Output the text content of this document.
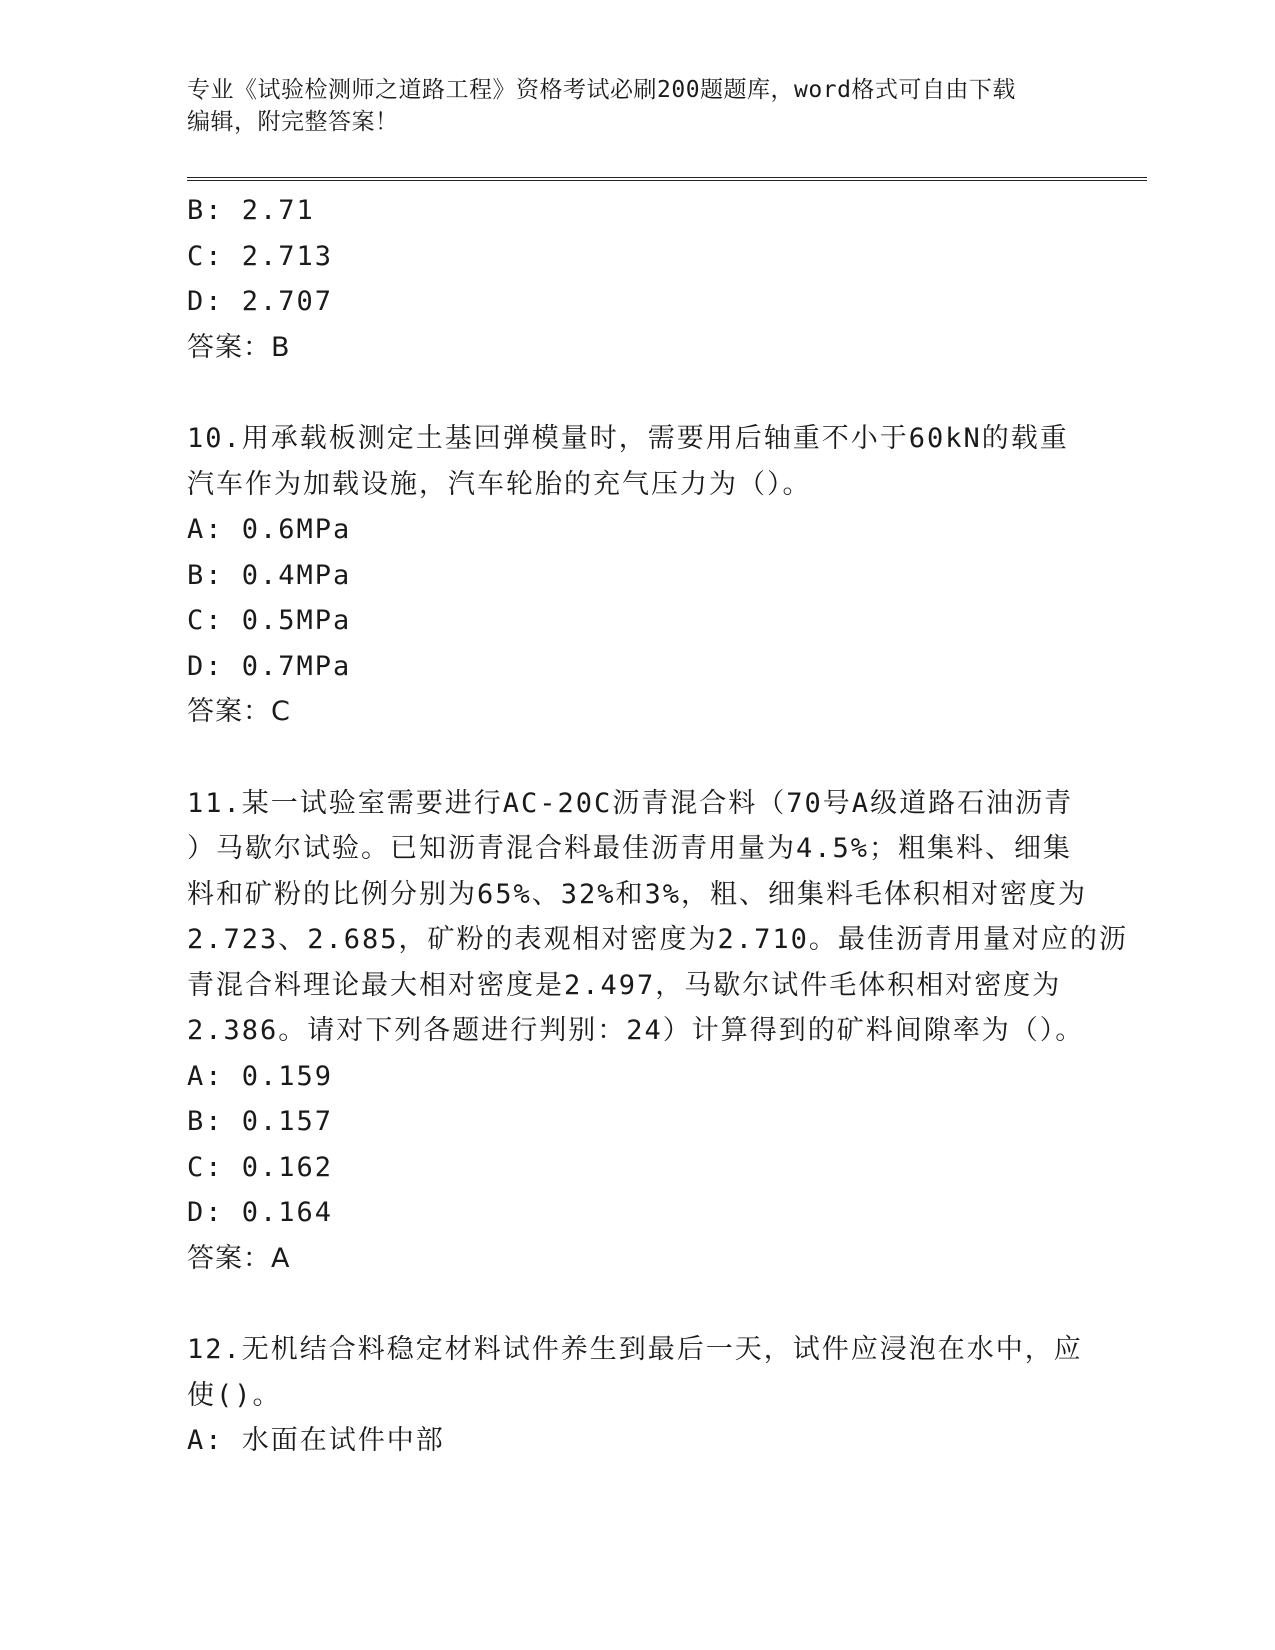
专业《试验检测师之道路工程》资格考试必刷200题题库，word格式可自由下载
编辑，附完整答案！
B: 2.71
C: 2.713
D: 2.707
答案：B
10.用承载板测定土基回弹模量时，需要用后轴重不小于60kN的载重
汽车作为加载设施，汽车轮胎的充气压力为（）。
A: 0.6MPa
B: 0.4MPa
C: 0.5MPa
D: 0.7MPa
答案：C
11.某一试验室需要进行AC-20C沥青混合料（70号A级道路石油沥青
）马歇尔试验。已知沥青混合料最佳沥青用量为4.5%；粗集料、细集
料和矿粉的比例分别为65%、32%和3%，粗、细集料毛体积相对密度为
2.723、2.685，矿粉的表观相对密度为2.710。最佳沥青用量对应的沥
青混合料理论最大相对密度是2.497，马歇尔试件毛体积相对密度为
2.386。请对下列各题进行判别：24）计算得到的矿料间隙率为（）。
A: 0.159
B: 0.157
C: 0.162
D: 0.164
答案：A
12.无机结合料稳定材料试件养生到最后一天，试件应浸泡在水中，应
使()。
A: 水面在试件中部
